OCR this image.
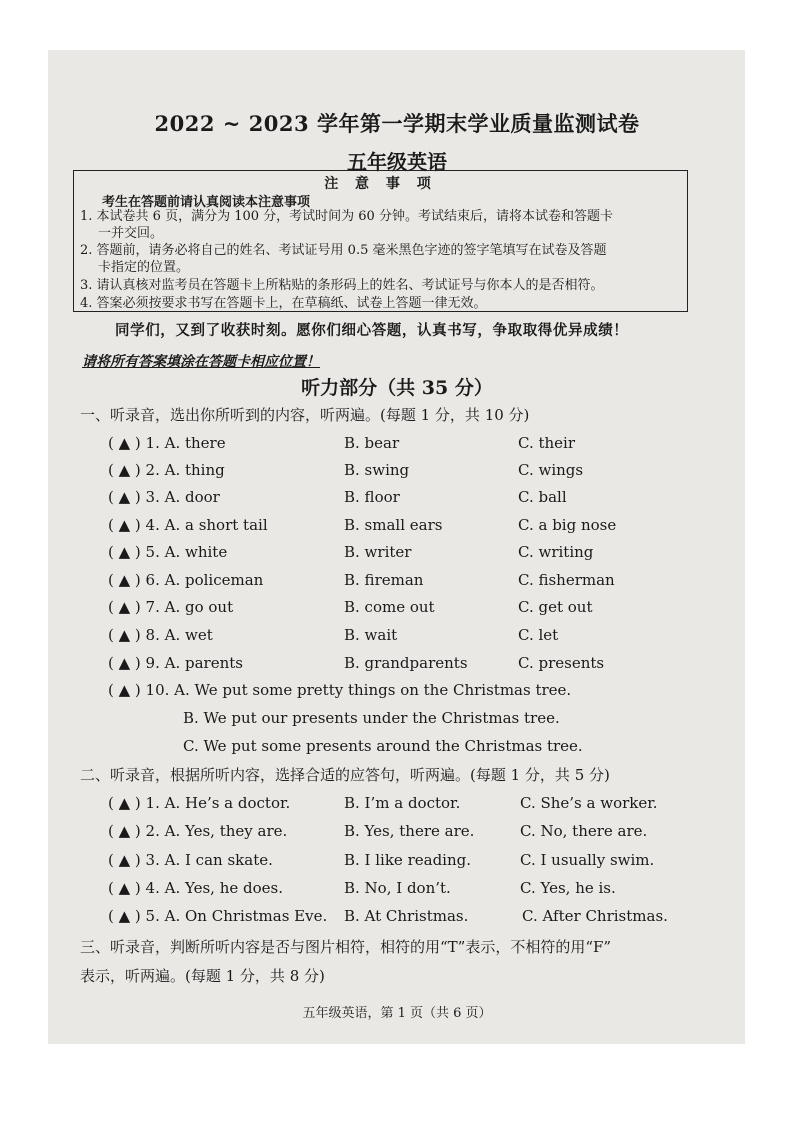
2022 ~ 2023 学年第一学期末学业质量监测试卷
五年级英语
注 意 事 项
考生在答题前请认真阅读本注意事项
1. 本试卷共 6 页，满分为 100 分，考试时间为 60 分钟。考试结束后，请将本试卷和答题卡
一并交回。
2. 答题前，请务必将自己的姓名、考试证号用 0.5 毫米黑色字迹的签字笔填写在试卷及答题
卡指定的位置。
3. 请认真核对监考员在答题卡上所粘贴的条形码上的姓名、考试证号与你本人的是否相符。
4. 答案必须按要求书写在答题卡上，在草稿纸、试卷上答题一律无效。
同学们，又到了收获时刻。愿你们细心答题，认真书写，争取取得优异成绩！
请将所有答案填涂在答题卡相应位置！
听力部分（共 35 分）
一、听录音，选出你所听到的内容，听两遍。(每题 1 分，共 10 分)
( ▲ ) 1. A. there	B. bear	C. their
( ▲ ) 2. A. thing	B. swing	C. wings
( ▲ ) 3. A. door	B. floor	C. ball
( ▲ ) 4. A. a short tail	B. small ears	C. a big nose
( ▲ ) 5. A. white	B. writer	C. writing
( ▲ ) 6. A. policeman	B. fireman	C. fisherman
( ▲ ) 7. A. go out	B. come out	C. get out
( ▲ ) 8. A. wet	B. wait	C. let
( ▲ ) 9. A. parents	B. grandparents	C. presents
( ▲ ) 10. A. We put some pretty things on the Christmas tree.
B. We put our presents under the Christmas tree.
C. We put some presents around the Christmas tree.
二、听录音，根据所听内容，选择合适的应答句，听两遍。(每题 1 分，共 5 分)
( ▲ ) 1. A. He’s a doctor.	B. I’m a doctor.	C. She’s a worker.
( ▲ ) 2. A. Yes, they are.	B. Yes, there are.	C. No, there are.
( ▲ ) 3. A. I can skate.	B. I like reading.	C. I usually swim.
( ▲ ) 4. A. Yes, he does.	B. No, I don’t.	C. Yes, he is.
( ▲ ) 5. A. On Christmas Eve. B. At Christmas.	C. After Christmas.
三、听录音，判断所听内容是否与图片相符，相符的用“T”表示，不相符的用“F”
表示，听两遍。(每题 1 分，共 8 分)
五年级英语，第 1 页（共 6 页）
